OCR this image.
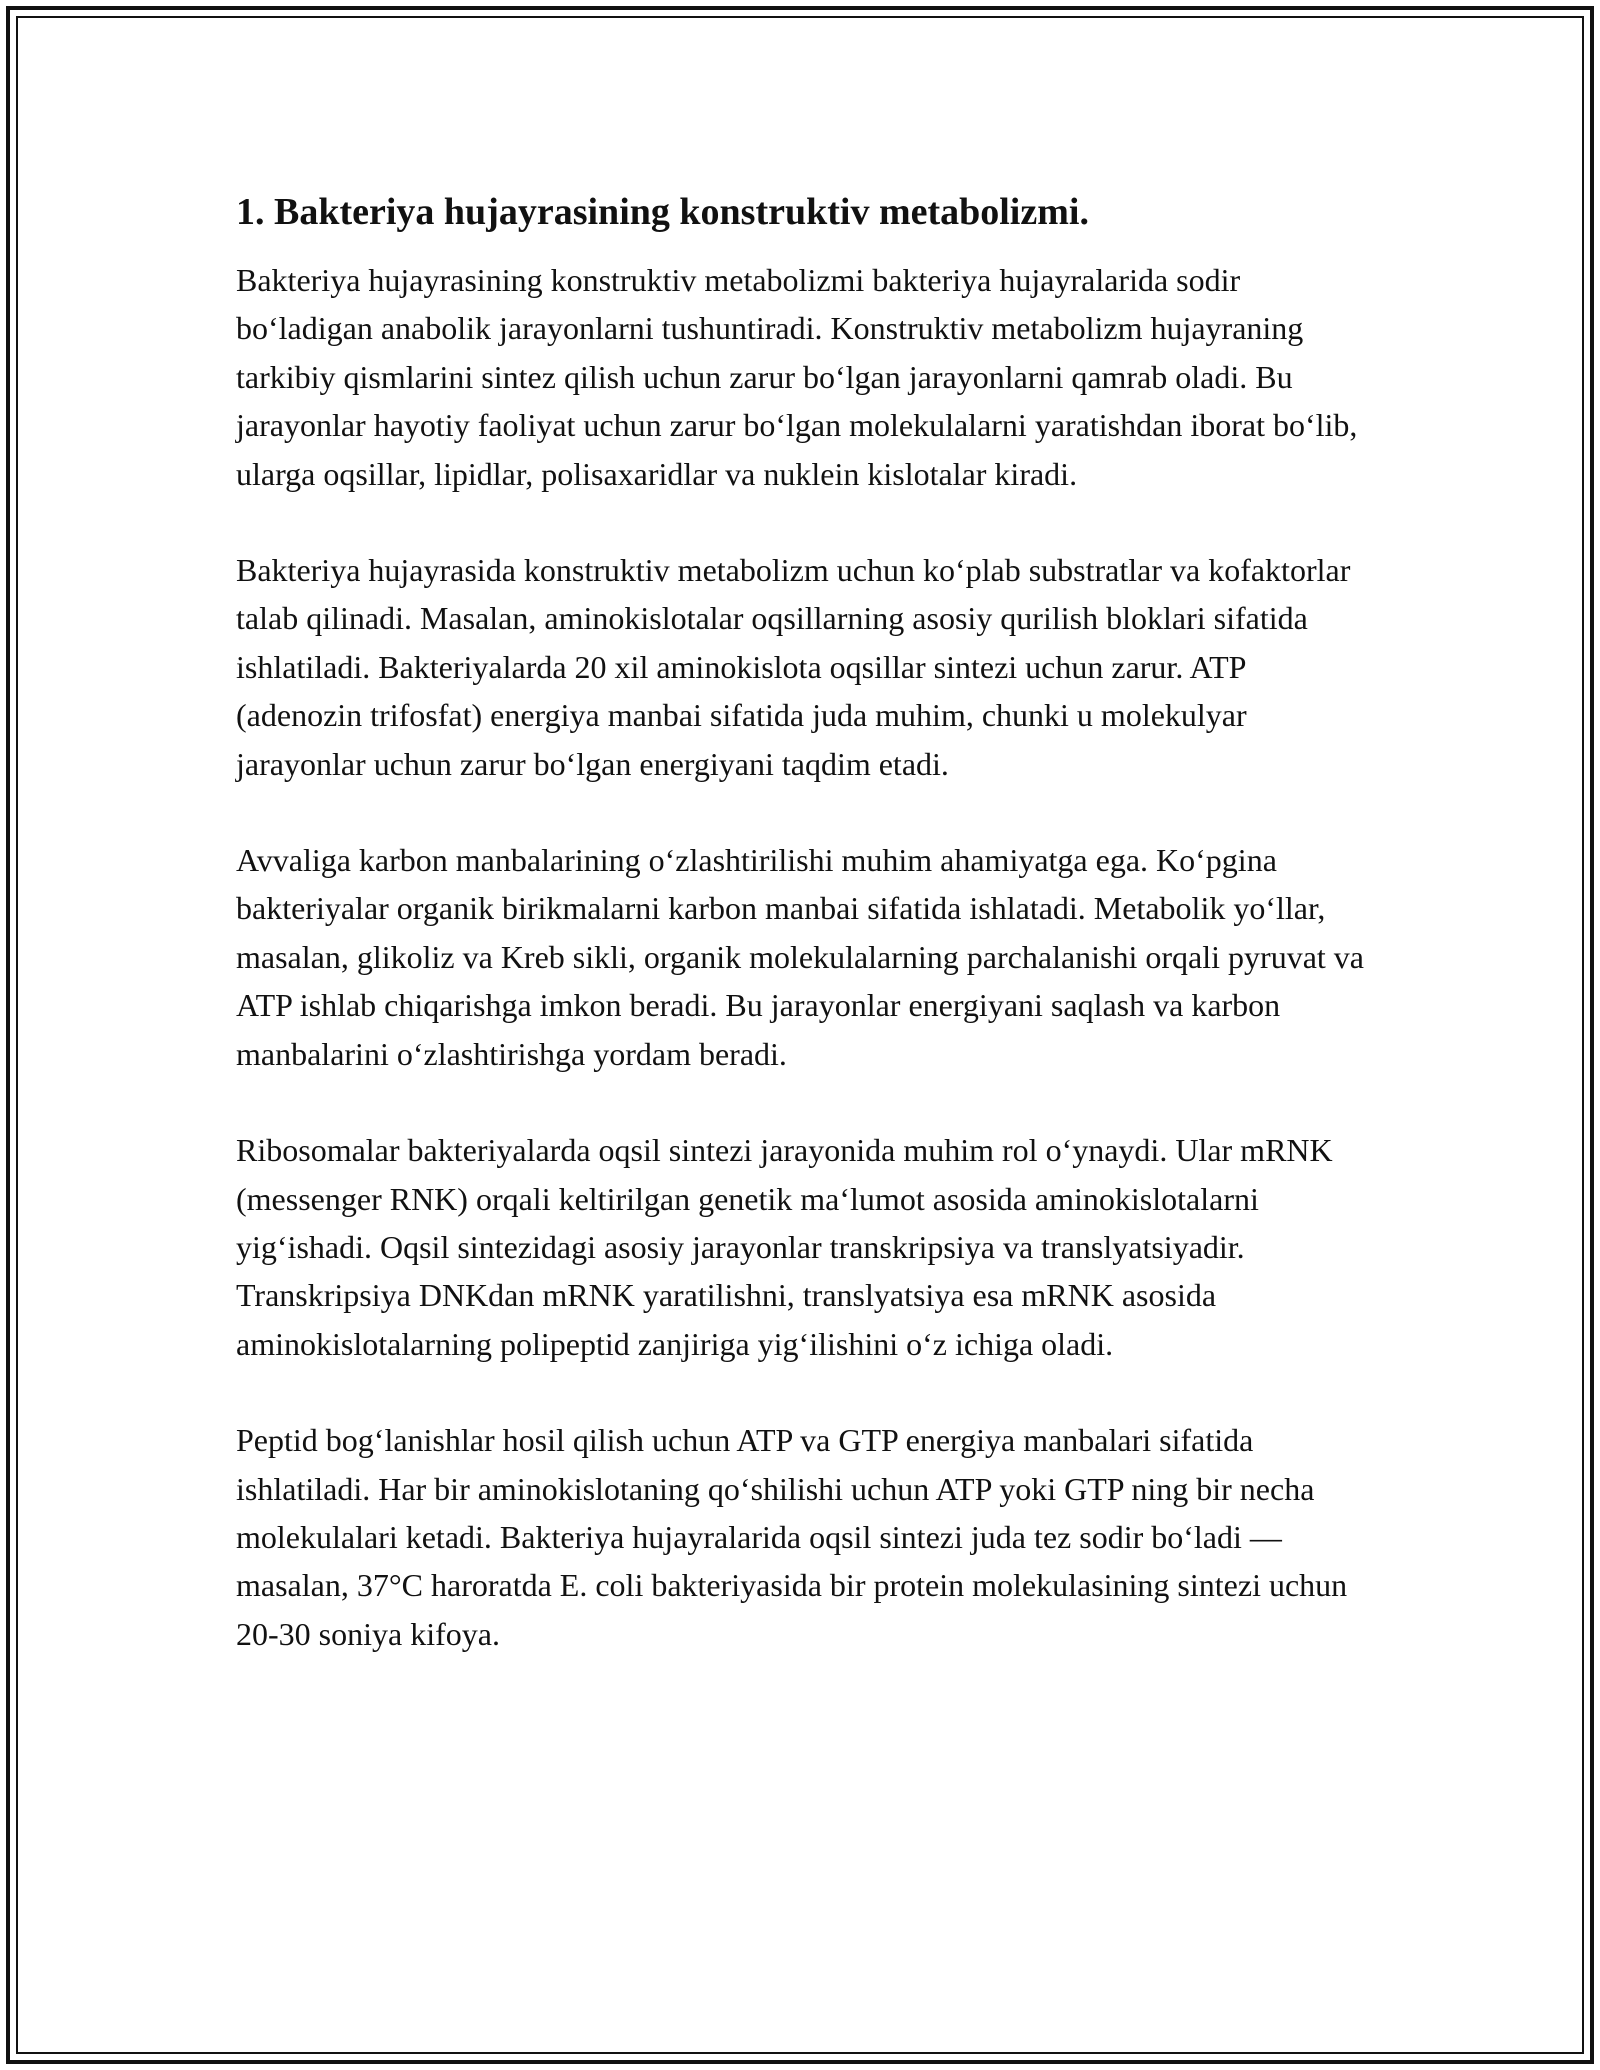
1. Bakteriya hujayrasining konstruktiv metabolizmi.

Bakteriya hujayrasining konstruktiv metabolizmi bakteriya hujayralarida sodir bo‘ladigan anabolik jarayonlarni tushuntiradi. Konstruktiv metabolizm hujayraning tarkibiy qismlarini sintez qilish uchun zarur bo‘lgan jarayonlarni qamrab oladi. Bu jarayonlar hayotiy faoliyat uchun zarur bo‘lgan molekulalarni yaratishdan iborat bo‘lib, ularga oqsillar, lipidlar, polisaxaridlar va nuklein kislotalar kiradi.

Bakteriya hujayrasida konstruktiv metabolizm uchun ko‘plab substratlar va kofaktorlar talab qilinadi. Masalan, aminokislotalar oqsillarning asosiy qurilish bloklari sifatida ishlatiladi. Bakteriyalarda 20 xil aminokislota oqsillar sintezi uchun zarur. ATP (adenozin trifosfat) energiya manbai sifatida juda muhim, chunki u molekulyar jarayonlar uchun zarur bo‘lgan energiyani taqdim etadi.

Avvaliga karbon manbalarining o‘zlashtirilishi muhim ahamiyatga ega. Ko‘pgina bakteriyalar organik birikmalarni karbon manbai sifatida ishlatadi. Metabolik yo‘llar, masalan, glikoliz va Kreb sikli, organik molekulalarning parchalanishi orqali pyruvat va ATP ishlab chiqarishga imkon beradi. Bu jarayonlar energiyani saqlash va karbon manbalarini o‘zlashtirishga yordam beradi.

Ribosomalar bakteriyalarda oqsil sintezi jarayonida muhim rol o‘ynaydi. Ular mRNK (messenger RNK) orqali keltirilgan genetik ma‘lumot asosida aminokislotalarni yig‘ishadi. Oqsil sintezidagi asosiy jarayonlar transkripsiya va translyatsiyadir. Transkripsiya DNKdan mRNK yaratilishni, translyatsiya esa mRNK asosida aminokislotalarning polipeptid zanjiriga yig‘ilishini o‘z ichiga oladi.

Peptid bog‘lanishlar hosil qilish uchun ATP va GTP energiya manbalari sifatida ishlatiladi. Har bir aminokislotaning qo‘shilishi uchun ATP yoki GTP ning bir necha molekulalari ketadi. Bakteriya hujayralarida oqsil sintezi juda tez sodir bo‘ladi — masalan, 37°C haroratda E. coli bakteriyasida bir protein molekulasining sintezi uchun 20-30 soniya kifoya.
